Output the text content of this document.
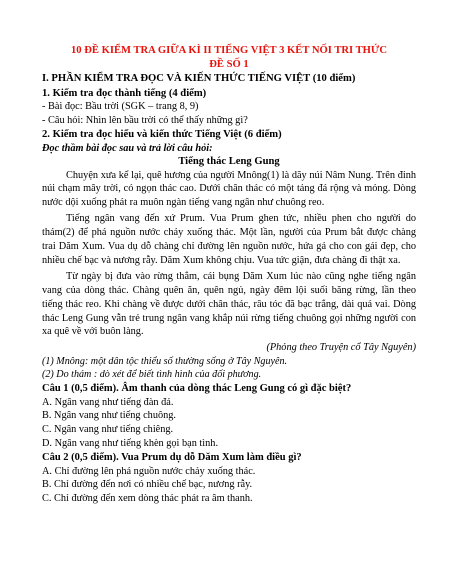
10 ĐỀ KIỂM TRA GIỮA KÌ II TIẾNG VIỆT 3 KẾT NỐI TRI THỨC

ĐỀ SỐ 1

I. PHẦN KIỂM TRA ĐỌC VÀ KIẾN THỨC TIẾNG VIỆT (10 điểm)

1. Kiểm tra đọc thành tiếng (4 điểm)

- Bài đọc: Bầu trời (SGK – trang 8, 9)

- Câu hỏi: Nhìn lên bầu trời có thể thấy những gì?

2. Kiểm tra đọc hiểu và kiến thức Tiếng Việt (6 điểm)

Đọc thầm bài đọc sau và trả lời câu hỏi:

Tiếng thác Leng Gung

Chuyện xưa kể lại, quê hương của người Mnông(1) là dãy núi Nâm Nung. Trên đỉnh núi chạm mây trời, có ngọn thác cao. Dưới chân thác có một tảng đá rộng và mỏng. Dòng nước dội xuống phát ra muôn ngàn tiếng vang ngân như chuông reo.

Tiếng ngân vang đến xứ Prum. Vua Prum ghen tức, nhiều phen cho người do thám(2) để phá nguồn nước chảy xuống thác. Một lần, người của Prum bắt được chàng trai Dăm Xum. Vua dụ dỗ chàng chỉ đường lên nguồn nước, hứa gả cho con gái đẹp, cho nhiều chế bạc và nương rẫy. Dăm Xum không chịu. Vua tức giận, đưa chàng đi thật xa.

Từ ngày bị đưa vào rừng thẳm, cái bụng Dăm Xum lúc nào cũng nghe tiếng ngân vang của dòng thác. Chàng quên ăn, quên ngủ, ngày đêm lội suối băng rừng, lần theo tiếng thác reo. Khi chàng về được dưới chân thác, râu tóc đã bạc trắng, dài quá vai. Dòng thác Leng Gung vẫn trẻ trung ngân vang khắp núi rừng tiếng chuông gọi những người con xa quê về với buôn làng.

(Phỏng theo Truyện cổ Tây Nguyên)

(1) Mnông: một dân tộc thiểu số thường sống ở Tây Nguyên.

(2) Do thám : dò xét để biết tình hình của đối phương.

Câu 1 (0,5 điểm). Âm thanh của dòng thác Leng Gung có gì đặc biệt?

A. Ngân vang như tiếng đàn đá.

B. Ngân vang như tiếng chuông.

C. Ngân vang như tiếng chiêng.

D. Ngân vang như tiếng khèn gọi bạn tình.

Câu 2 (0,5 điểm). Vua Prum dụ dỗ Dăm Xum làm điều gì?

A. Chỉ đường lên phá nguồn nước chảy xuống thác.

B. Chỉ đường đến nơi có nhiều chế bạc, nương rẫy.

C. Chỉ đường đến xem dòng thác phát ra âm thanh.
